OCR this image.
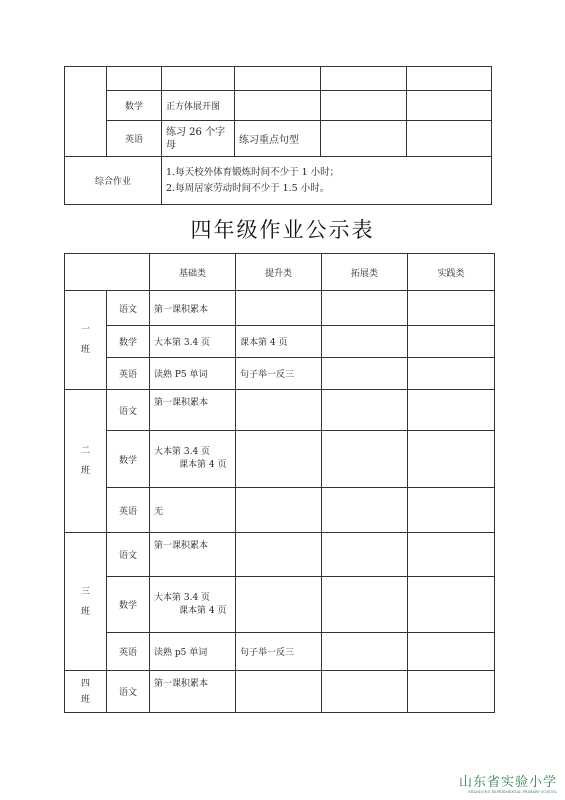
	数学	正方体展开图			
	英语	练习 26 个字母	练习重点句型		
综合作业		1.每天校外体育锻炼时间不少于 1 小时；
2.每周居家劳动时间不少于 1.5 小时。			
四年级作业公示表
		基础类	提升类	拓展类	实践类

一
班	语文	第一课积累本			
	数学	大本第 3.4 页	课本第 4 页		
	英语	读熟 P5 单词	句子举一反三		

二
班	语文	第一课积累本			
	数学	大本第 3.4 页
课本第 4 页			

	英语	无			

三
班	语文	第一课积累本			
	数学	大本第 3.4 页
课本第 4 页			

	英语	读熟 p5 单词	句子举一反三		

四
班	语文	第一课积累本			
山东省实验小学
SHANDONG EXPERIMENTAL PRIMARY SCHOOL
